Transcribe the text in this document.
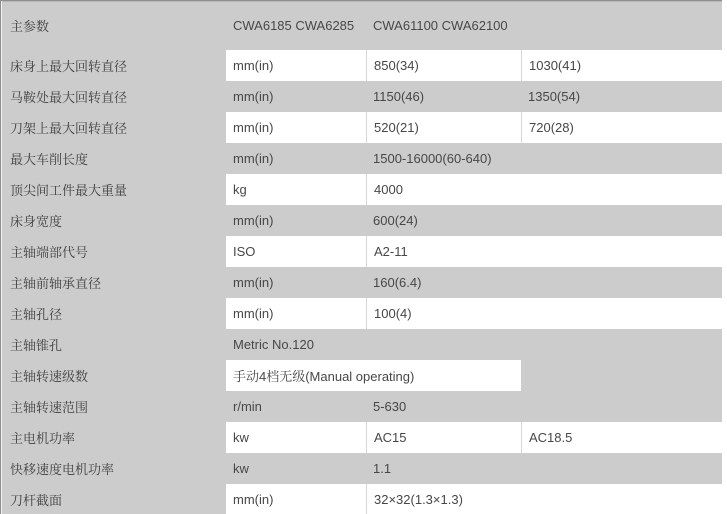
主参数	CWA6185 CWA6285	CWA61100 CWA62100
床身上最大回转直径	mm(in)	850(34)	1030(41)
马鞍处最大回转直径	mm(in)	1150(46)	1350(54)
刀架上最大回转直径	mm(in)	520(21)	720(28)
最大车削长度	mm(in)	1500-16000(60-640)
顶尖间工件最大重量	kg	4000
床身宽度	mm(in)	600(24)
主轴端部代号	ISO	A2-11
主轴前轴承直径	mm(in)	160(6.4)
主轴孔径	mm(in)	100(4)
主轴锥孔	Metric No.120
主轴转速级数	手动4档无级(Manual operating)
主轴转速范围	r/min	5-630
主电机功率	kw	AC15	AC18.5
快移速度电机功率	kw	1.1
刀杆截面	mm(in)	32×32(1.3×1.3)
